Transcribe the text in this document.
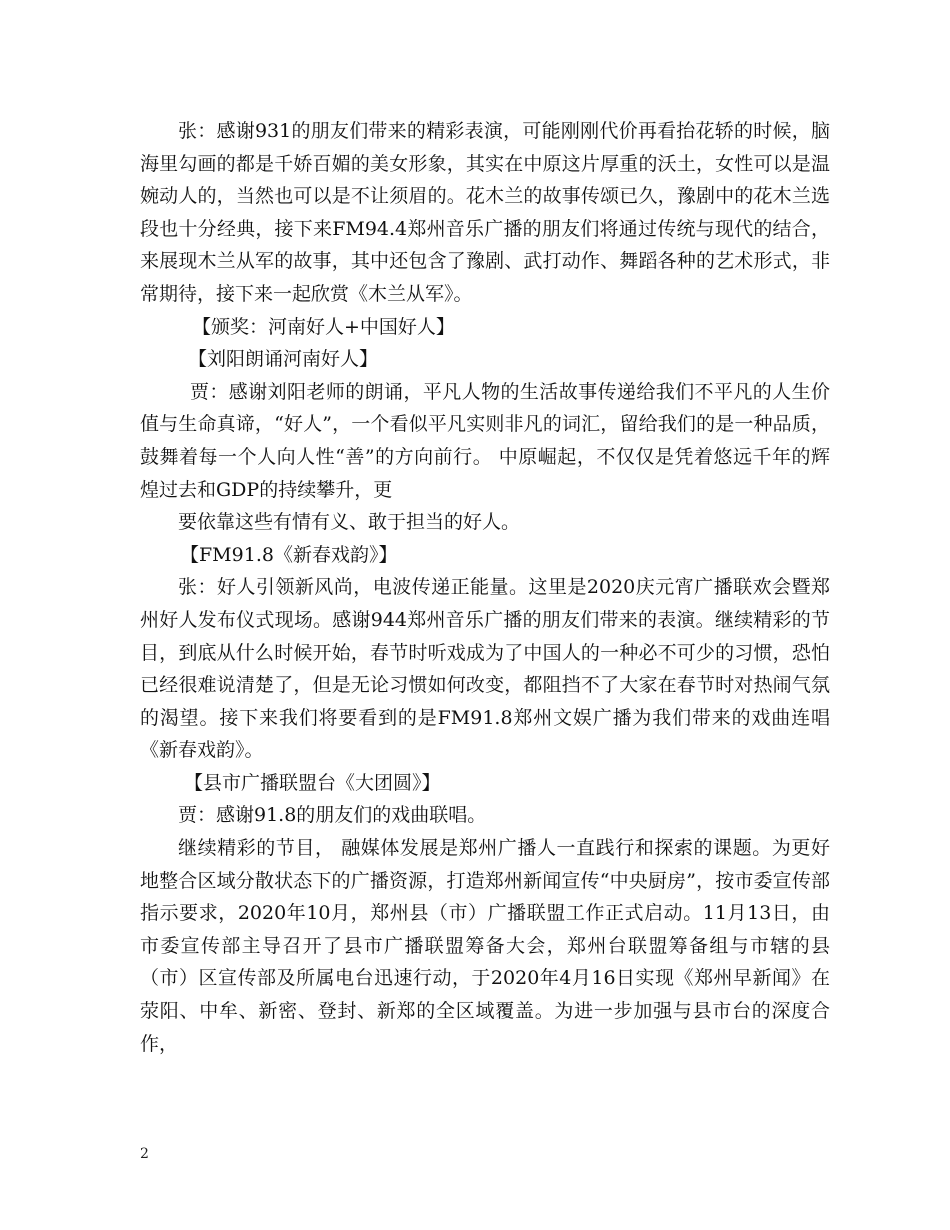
张：感谢931的朋友们带来的精彩表演，可能刚刚代价再看抬花轿的时候，脑海里勾画的都是千娇百媚的美女形象，其实在中原这片厚重的沃土，女性可以是温婉动人的，当然也可以是不让须眉的。花木兰的故事传颂已久，豫剧中的花木兰选段也十分经典，接下来FM94.4郑州音乐广播的朋友们将通过传统与现代的结合，来展现木兰从军的故事，其中还包含了豫剧、武打动作、舞蹈各种的艺术形式，非常期待，接下来一起欣赏《木兰从军》。

【颁奖：河南好人+中国好人】

【刘阳朗诵河南好人】

贾：感谢刘阳老师的朗诵，平凡人物的生活故事传递给我们不平凡的人生价值与生命真谛，“好人”，一个看似平凡实则非凡的词汇，留给我们的是一种品质，鼓舞着每一个人向人性“善”的方向前行。 中原崛起，不仅仅是凭着悠远千年的辉煌过去和GDP的持续攀升，更

要依靠这些有情有义、敢于担当的好人。

【FM91.8《新春戏韵》】

张：好人引领新风尚，电波传递正能量。这里是2020庆元宵广播联欢会暨郑州好人发布仪式现场。感谢944郑州音乐广播的朋友们带来的表演。继续精彩的节目，到底从什么时候开始，春节时听戏成为了中国人的一种必不可少的习惯，恐怕已经很难说清楚了，但是无论习惯如何改变，都阻挡不了大家在春节时对热闹气氛的渴望。接下来我们将要看到的是FM91.8郑州文娱广播为我们带来的戏曲连唱《新春戏韵》。

【县市广播联盟台《大团圆》】

贾：感谢91.8的朋友们的戏曲联唱。

继续精彩的节目， 融媒体发展是郑州广播人一直践行和探索的课题。为更好地整合区域分散状态下的广播资源，打造郑州新闻宣传“中央厨房”，按市委宣传部指示要求，2020年10月，郑州县（市）广播联盟工作正式启动。11月13日，由市委宣传部主导召开了县市广播联盟筹备大会，郑州台联盟筹备组与市辖的县（市）区宣传部及所属电台迅速行动，于2020年4月16日实现《郑州早新闻》在荥阳、中牟、新密、登封、新郑的全区域覆盖。为进一步加强与县市台的深度合作，

2
